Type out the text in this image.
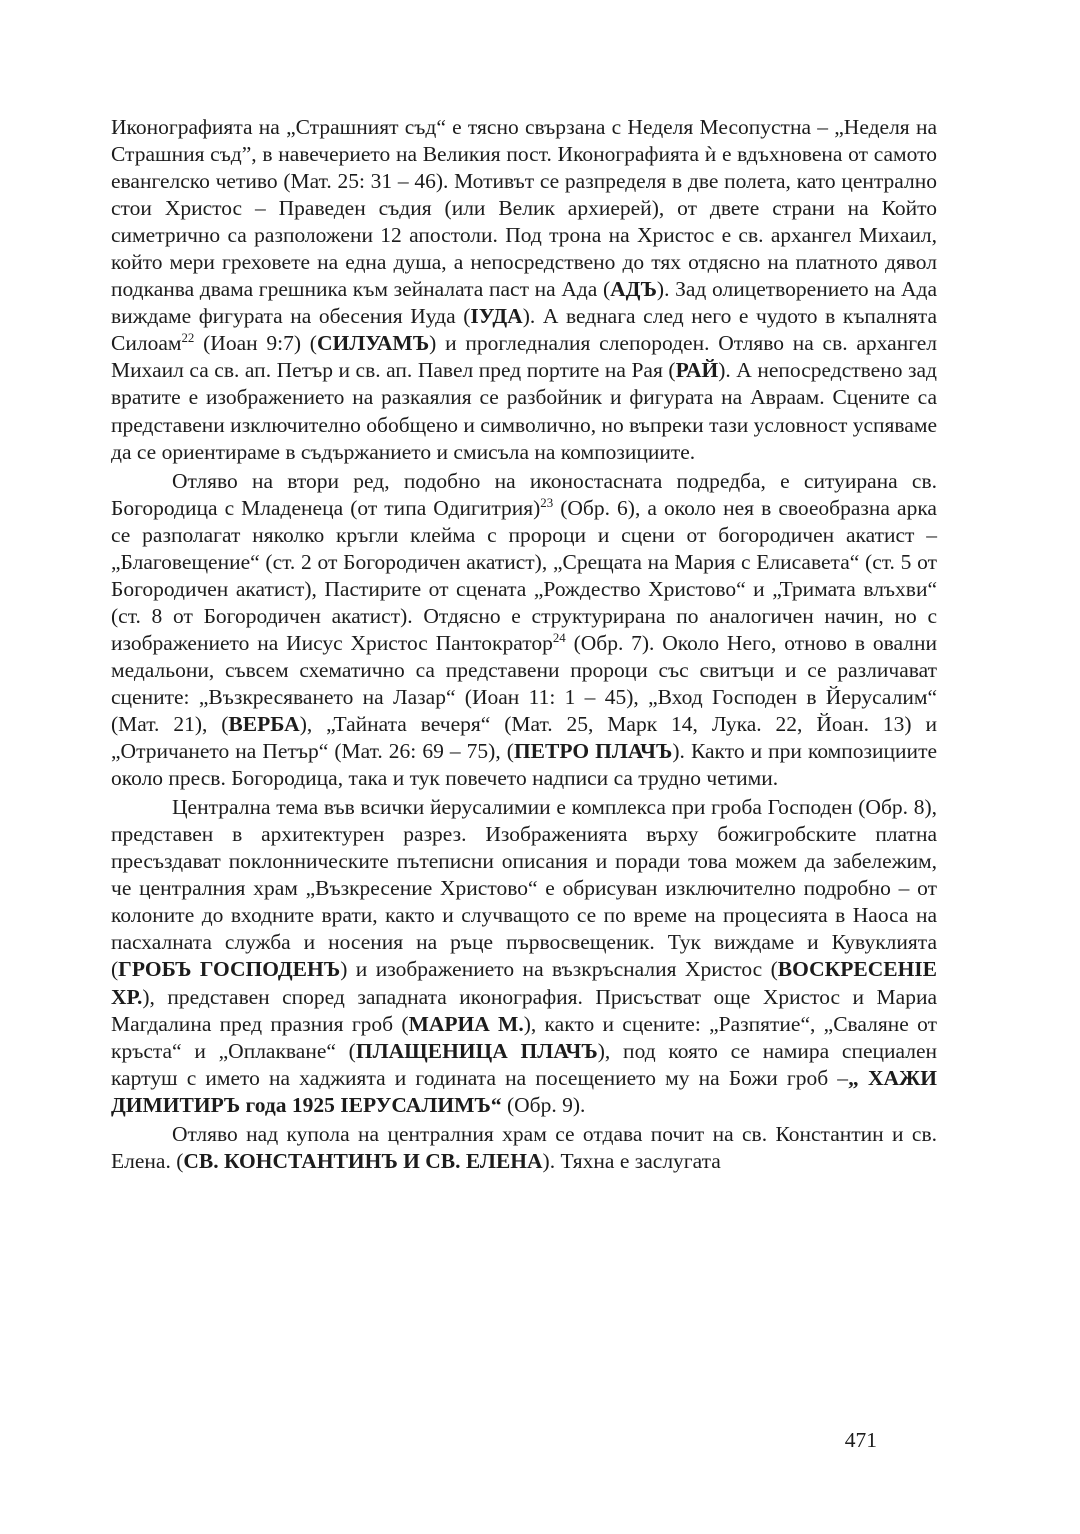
Иконографията на „Страшният съд“ е тясно свързана с Неделя Месопустна – „Неделя на Страшния съд”, в навечерието на Великия пост. Иконографията ѝ е вдъхновена от самото евангелско четиво (Мат. 25: 31 – 46). Мотивът се разпределя в две полета, като централно стои Христос – Праведен съдия (или Велик архиерей), от двете страни на Който симетрично са разположени 12 апостоли. Под трона на Христос е св. архангел Михаил, който мери греховете на една душа, а непосредствено до тях отдясно на платното дявол подканва двама грешника към зейналата паст на Ада (АДЪ). Зад олицетворението на Ада виждаме фигурата на обесения Иуда (IУДА). А веднага след него е чудото в къпалнята Силоам$^{22}$ (Иоан 9:7) (СИЛУАМЪ) и прогледналия слепороден. Отляво на св. архангел Михаил са св. ап. Петър и св. ап. Павел пред портите на Рая (РАЙ). А непосредствено зад вратите е изображението на разкаялия се разбойник и фигурата на Авраам. Сцените са представени изключително обобщено и символично, но въпреки тази условност успяваме да се ориентираме в съдържанието и смисъла на композициите.

Отляво на втори ред, подобно на иконостасната подредба, е ситуирана св. Богородица с Младенеца (от типа Одигитрия)$^{23}$ (Обр. 6), а около нея в своеобразна арка се разполагат няколко кръгли клейма с пророци и сцени от богородичен акатист – „Благовещение“ (ст. 2 от Богородичен акатист), „Срещата на Мария с Елисавета“ (ст. 5 от Богородичен акатист), Пастирите от сцената „Рождество Христово“ и „Тримата влъхви“ (ст. 8 от Богородичен акатист). Отдясно е структурирана по аналогичен начин, но с изображението на Иисус Христос Пантократор$^{24}$ (Обр. 7). Около Него, отново в овални медальони, съвсем схематично са представени пророци със свитъци и се различават сцените: „Възкресяването на Лазар“ (Иоан 11: 1 – 45), „Вход Господен в Йерусалим“ (Мат. 21), (ВЕРБА), „Тайната вечеря“ (Мат. 25, Марк 14, Лука. 22, Йоан. 13) и „Отричането на Петър“ (Мат. 26: 69 – 75), (ПЕТРО ПЛАЧЪ). Както и при композициите около пресв. Богородица, така и тук повечето надписи са трудно четими.

Централна тема във всички йерусалимии е комплекса при гроба Господен (Обр. 8), представен в архитектурен разрез. Изображенията върху божигробските платна пресъздават поклонническите пътеписни описания и поради това можем да забележим, че централния храм „Възкресение Христово“ е обрисуван изключително подробно – от колоните до входните врати, както и случващото се по време на процесията в Наоса на пасхалната служба и носения на ръце първосвещеник. Тук виждаме и Кувуклията (ГРОБЪ ГОСПОДЕНЪ) и изображението на възкръсналия Христос (ВОСКРЕСЕНIЕ ХР.), представен според западната иконография. Присъстват още Христос и Мариа Магдалина пред празния гроб (МАРИА М.), както и сцените: „Разпятие“, „Сваляне от кръста“ и „Оплакване“ (ПЛАЩЕНИЦА ПЛАЧЪ), под която се намира специален картуш с името на хаджията и годината на посещението му на Божи гроб –„ ХАЖИ ДИМИТИРЪ года 1925 IЕРУСАЛИМЪ“ (Обр. 9).

Отляво над купола на централния храм се отдава почит на св. Константин и св. Елена. (СВ. КОНСТАНТИНЪ И СВ. ЕЛЕНА). Тяхна е заслугата

471
